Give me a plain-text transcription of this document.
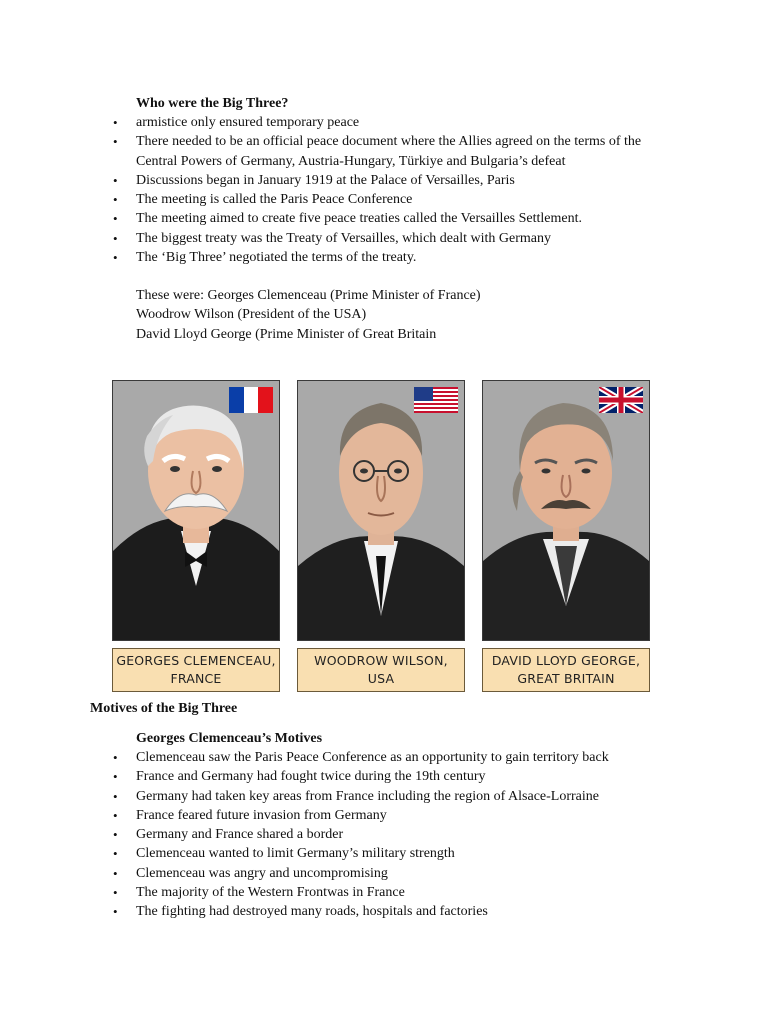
Who were the Big Three?
• armistice only ensured temporary peace
• There needed to be an official peace document where the Allies agreed on the terms of the Central Powers of Germany, Austria-Hungary, Türkiye and Bulgaria’s defeat
• Discussions began in January 1919 at the Palace of Versailles, Paris
• The meeting is called the Paris Peace Conference
• The meeting aimed to create five peace treaties called the Versailles Settlement.
• The biggest treaty was the Treaty of Versailles, which dealt with Germany
• The ‘Big Three’ negotiated the terms of the treaty.
These were: Georges Clemenceau (Prime Minister of France)
Woodrow Wilson (President of the USA)
David Lloyd George (Prime Minister of Great Britain
GEORGES CLEMENCEAU,
FRANCE
WOODROW WILSON,
USA
DAVID LLOYD GEORGE,
GREAT BRITAIN
Motives of the Big Three
Georges Clemenceau’s Motives
• Clemenceau saw the Paris Peace Conference as an opportunity to gain territory back
• France and Germany had fought twice during the 19th century
• Germany had taken key areas from France including the region of Alsace-Lorraine
• France feared future invasion from Germany
• Germany and France shared a border
• Clemenceau wanted to limit Germany’s military strength
• Clemenceau was angry and uncompromising
• The majority of the Western Frontwas in France
• The fighting had destroyed many roads, hospitals and factories
